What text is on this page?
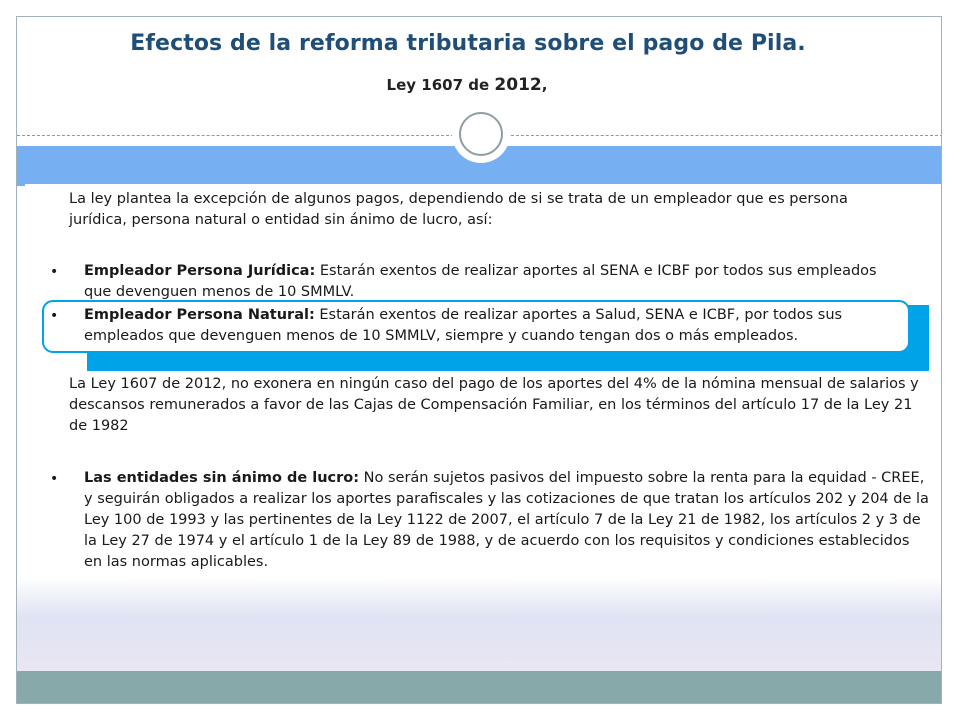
Efectos de la reforma tributaria sobre el pago de Pila.
Ley 1607 de 2012,
La ley plantea la excepción de algunos pagos, dependiendo de si se trata de un empleador que es persona jurídica, persona natural o entidad sin ánimo de lucro, así:
• Empleador Persona Jurídica: Estarán exentos de realizar aportes al SENA e ICBF por todos sus empleados que devenguen menos de 10 SMMLV.
• Empleador Persona Natural: Estarán exentos de realizar aportes a Salud, SENA e ICBF, por todos sus empleados que devenguen menos de 10 SMMLV, siempre y cuando tengan dos o más empleados.
La Ley 1607 de 2012, no exonera en ningún caso del pago de los aportes del 4% de la nómina mensual de salarios y descansos remunerados a favor de las Cajas de Compensación Familiar, en los términos del artículo 17 de la Ley 21 de 1982
• Las entidades sin ánimo de lucro: No serán sujetos pasivos del impuesto sobre la renta para la equidad - CREE, y seguirán obligados a realizar los aportes parafiscales y las cotizaciones de que tratan los artículos 202 y 204 de la Ley 100 de 1993 y las pertinentes de la Ley 1122 de 2007, el artículo 7 de la Ley 21 de 1982, los artículos 2 y 3 de la Ley 27 de 1974 y el artículo 1 de la Ley 89 de 1988, y de acuerdo con los requisitos y condiciones establecidos en las normas aplicables.
